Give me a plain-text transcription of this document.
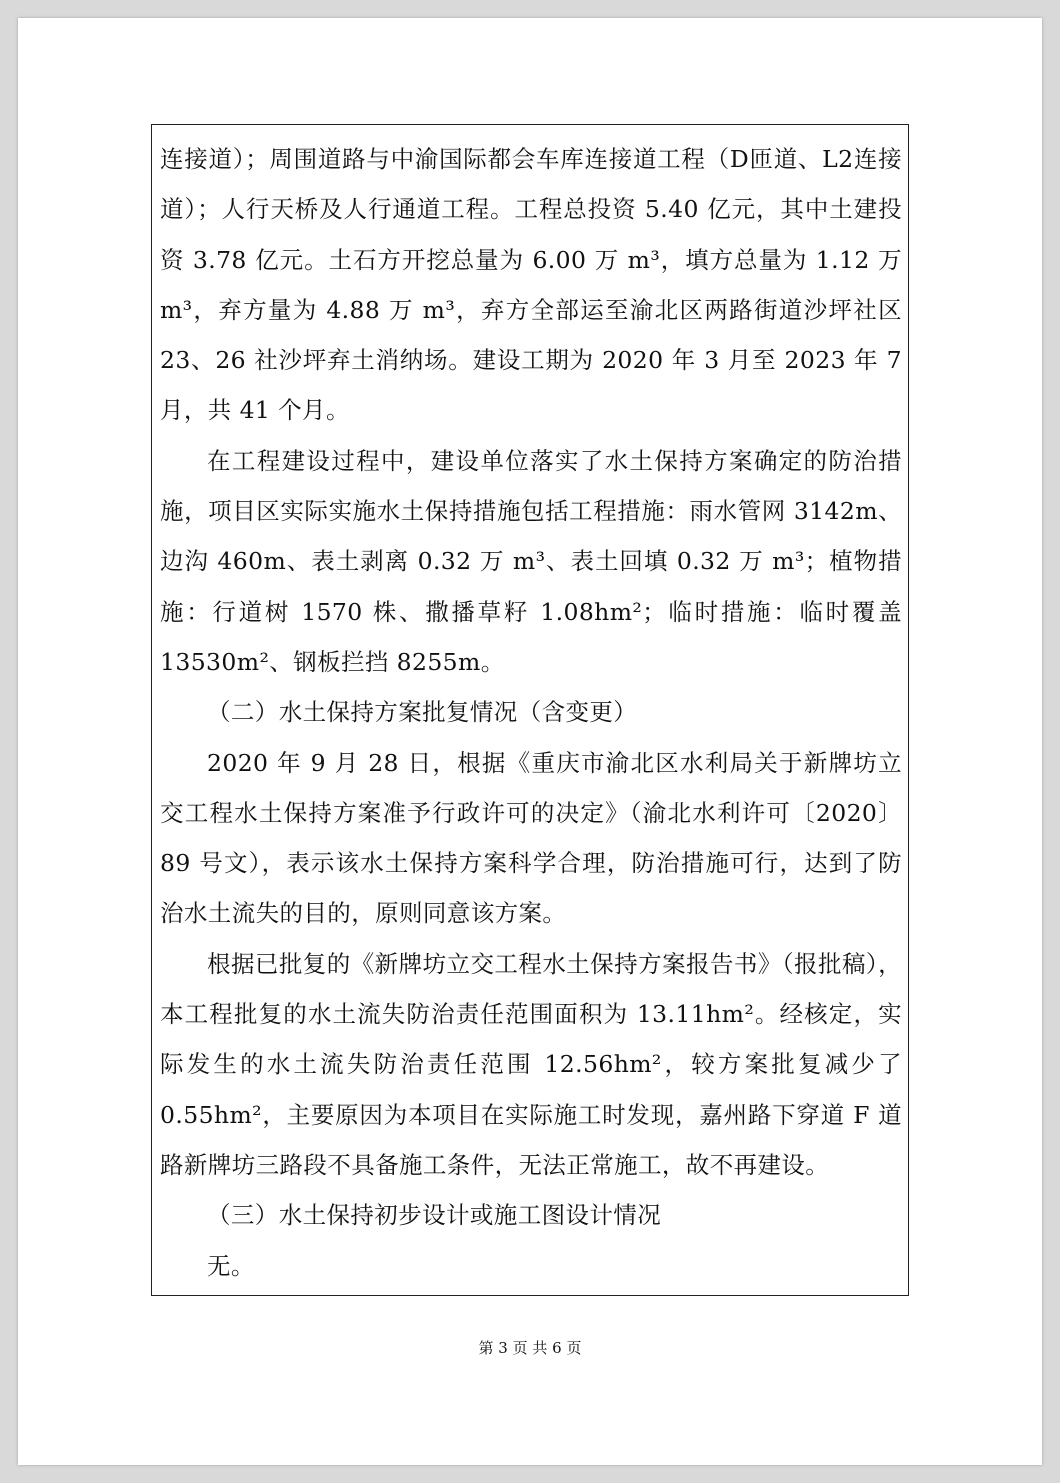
连接道）；周围道路与中渝国际都会车库连接道工程（D匝道、L2连接道）；人行天桥及人行通道工程。工程总投资 5.40 亿元，其中土建投资 3.78 亿元。土石方开挖总量为 6.00 万 m³，填方总量为 1.12 万 m³，弃方量为 4.88 万 m³，弃方全部运至渝北区两路街道沙坪社区 23、26 社沙坪弃土消纳场。建设工期为 2020 年 3 月至 2023 年 7 月，共 41 个月。

在工程建设过程中，建设单位落实了水土保持方案确定的防治措施，项目区实际实施水土保持措施包括工程措施：雨水管网 3142m、边沟 460m、表土剥离 0.32 万 m³、表土回填 0.32 万 m³；植物措施：行道树 1570 株、撒播草籽 1.08hm²；临时措施：临时覆盖 13530m²、钢板拦挡 8255m。

（二）水土保持方案批复情况（含变更）

2020 年 9 月 28 日，根据《重庆市渝北区水利局关于新牌坊立交工程水土保持方案准予行政许可的决定》（渝北水利许可〔2020〕89 号文），表示该水土保持方案科学合理，防治措施可行，达到了防治水土流失的目的，原则同意该方案。

根据已批复的《新牌坊立交工程水土保持方案报告书》（报批稿），本工程批复的水土流失防治责任范围面积为 13.11hm²。经核定，实际发生的水土流失防治责任范围 12.56hm²，较方案批复减少了 0.55hm²，主要原因为本项目在实际施工时发现，嘉州路下穿道 F 道路新牌坊三路段不具备施工条件，无法正常施工，故不再建设。

（三）水土保持初步设计或施工图设计情况

无。

第 3 页 共 6 页
